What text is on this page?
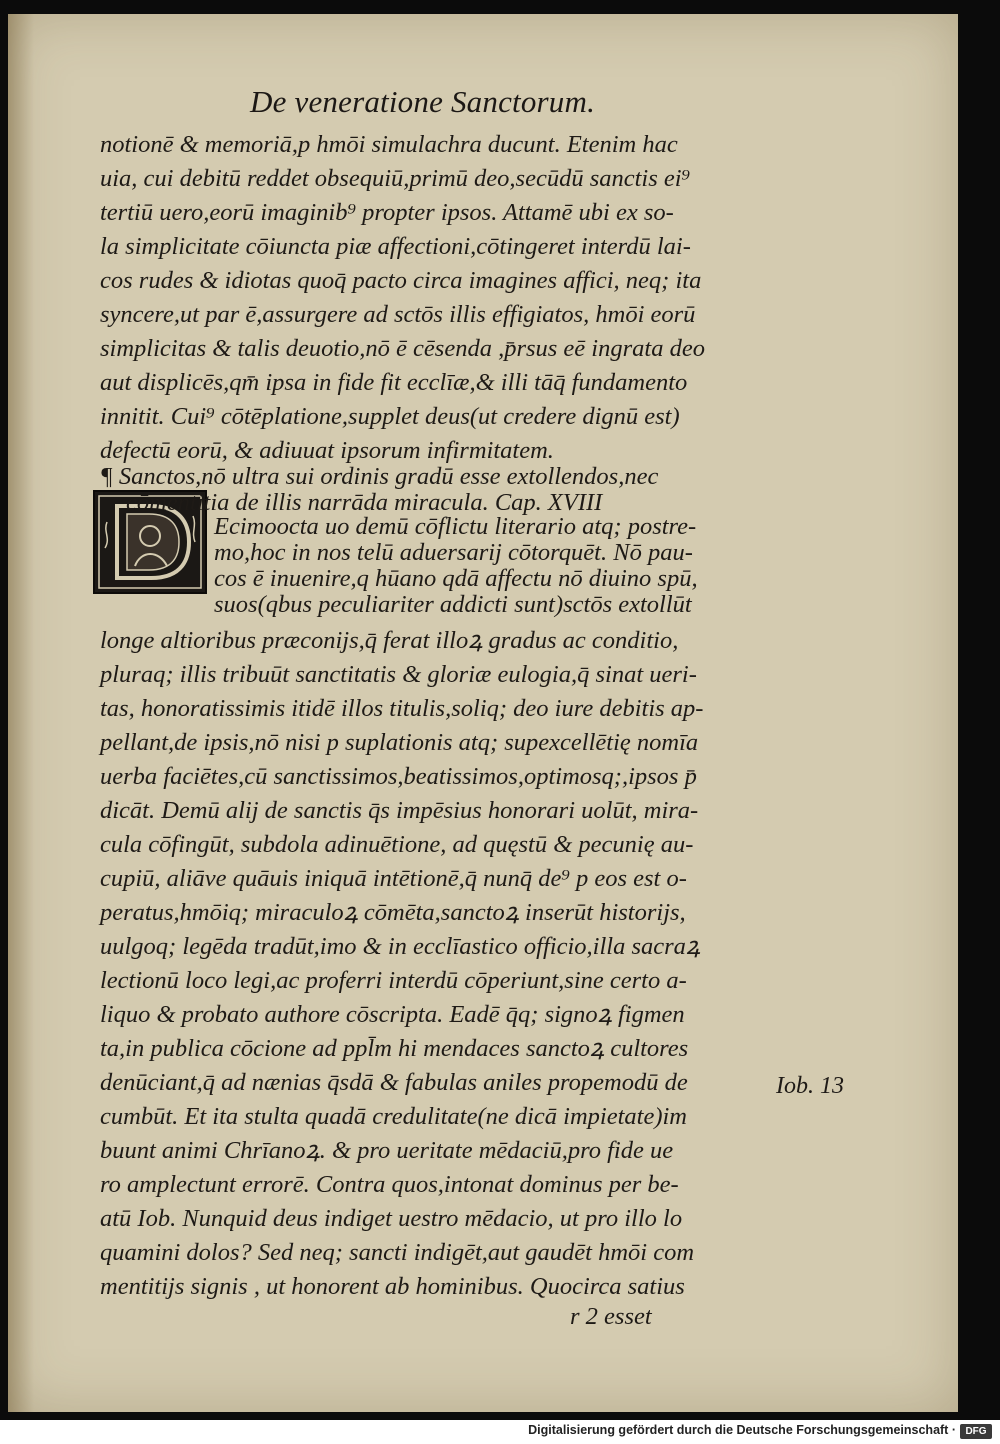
De veneratione Sanctorum.
notionē & memoriā,p hmōi simulachra ducunt. Etenim hac
uia, cui debitū reddet obsequiū,primū deo,secūdū sanctis ei⁹
tertiū uero,eorū imaginib⁹ propter ipsos. Attamē ubi ex so-
la simplicitate cōiuncta piæ affectioni,cōtingeret interdū lai-
cos rudes & idiotas quoq̄ pacto circa imagines affici, neq; ita
syncere,ut par ē,assurgere ad sctōs illis effigiatos, hmōi eorū
simplicitas & talis deuotio,nō ē cēsenda ,p̄rsus eē ingrata deo
aut displicēs,qm̄ ipsa in fide fit ecclīæ,& illi tāq̄ fundamento
innitit. Cui⁹ cōtēplatione,supplet deus(ut credere dignū est)
defectū eorū, & adiuuat ipsorum infirmitatem.
¶ Sanctos,nō ultra sui ordinis gradū esse extollendos,nec
cōmentitia de illis narrāda miracula. Cap. XVIII
Ecimoocta uo demū cōflictu literario atq; postre-
mo,hoc in nos telū aduersarij cōtorquēt. Nō pau-
cos ē inuenire,q hūano qdā affectu nō diuino spū,
suos(qbus peculiariter addicti sunt)sctōs extollūt
longe altioribus præconijs,q̄ ferat illoꝝ gradus ac conditio,
pluraq; illis tribuūt sanctitatis & gloriæ eulogia,q̄ sinat ueri-
tas, honoratissimis itidē illos titulis,soliq; deo iure debitis ap-
pellant,de ipsis,nō nisi p suplationis atq; supexcellētię nomīa
uerba faciētes,cū sanctissimos,beatissimos,optimosq;,ipsos p̄
dicāt. Demū alij de sanctis q̄s impēsius honorari uolūt, mira-
cula cōfingūt, subdola adinuētione, ad quęstū & pecunię au-
cupiū, aliāve quāuis iniquā intētionē,q̄ nunq̄ de⁹ p eos est o-
peratus,hmōiq; miraculoꝝ cōmēta,sanctoꝝ inserūt historijs,
uulgoq; legēda tradūt,imo & in ecclīastico officio,illa sacraꝝ
lectionū loco legi,ac proferri interdū cōperiunt,sine certo a-
liquo & probato authore cōscripta. Eadē q̄q; signoꝝ figmen
ta,in publica cōcione ad ppl̄m hi mendaces sanctoꝝ cultores
denūciant,q̄ ad nænias q̄sdā & fabulas aniles propemodū de
cumbūt. Et ita stulta quadā credulitate(ne dicā impietate)im
buunt animi Chrīanoꝝ. & pro ueritate mēdaciū,pro fide ue
ro amplectunt errorē. Contra quos,intonat dominus per be-
atū Iob. Nunquid deus indiget uestro mēdacio, ut pro illo lo
quamini dolos? Sed neq; sancti indigēt,aut gaudēt hmōi com
mentitijs signis , ut honorent ab hominibus. Quocirca satius
r 2 esset
Iob. 13
Digitalisierung gefördert durch die Deutsche Forschungsgemeinschaft · DFG
